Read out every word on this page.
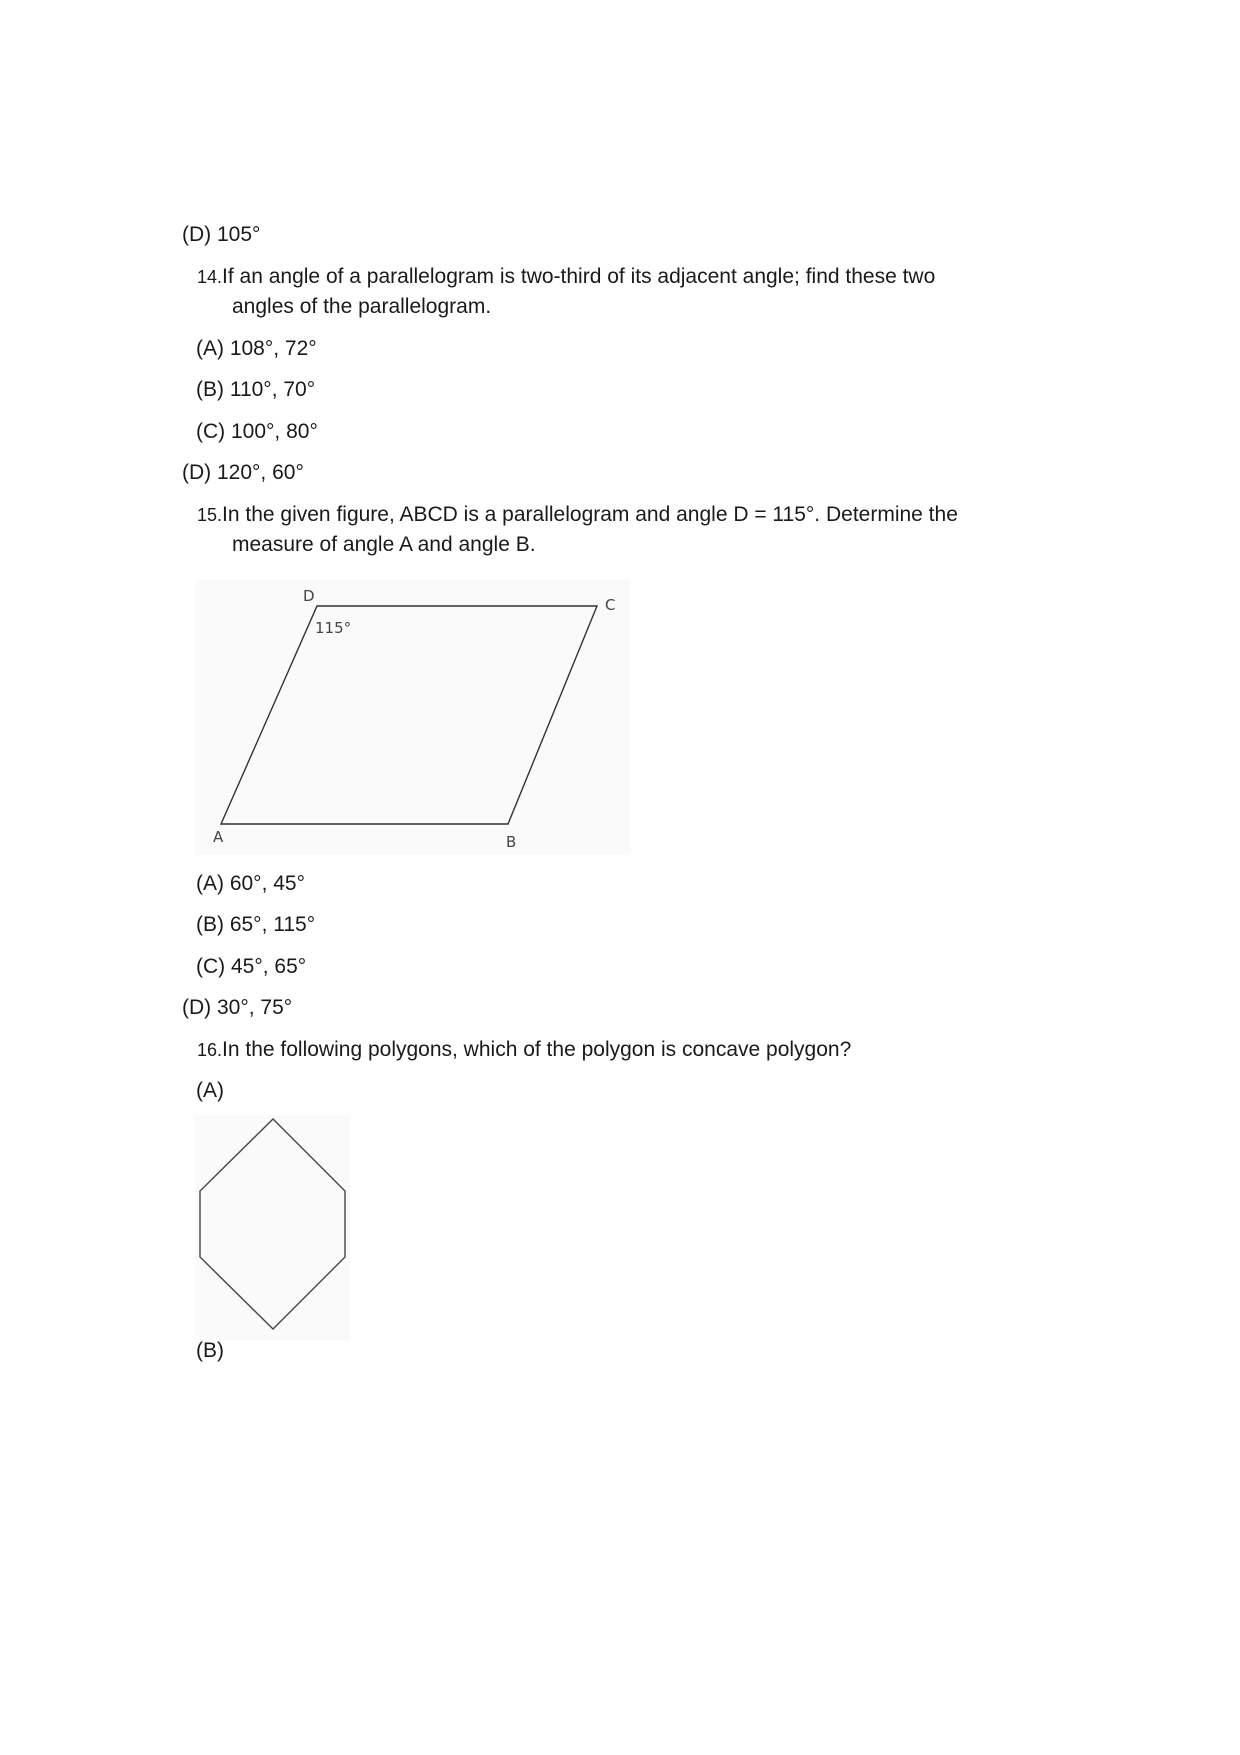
(D) 105°
14.If an angle of a parallelogram is two-third of its adjacent angle; find these two
angles of the parallelogram.
(A) 108°, 72°
(B) 110°, 70°
(C) 100°, 80°
(D) 120°, 60°
15.In the given figure, ABCD is a parallelogram and angle D = 115°. Determine the
measure of angle A and angle B.
D	C
A	B
115°
(A) 60°, 45°
(B) 65°, 115°
(C) 45°, 65°
(D) 30°, 75°
16.In the following polygons, which of the polygon is concave polygon?
(A)
(B)
